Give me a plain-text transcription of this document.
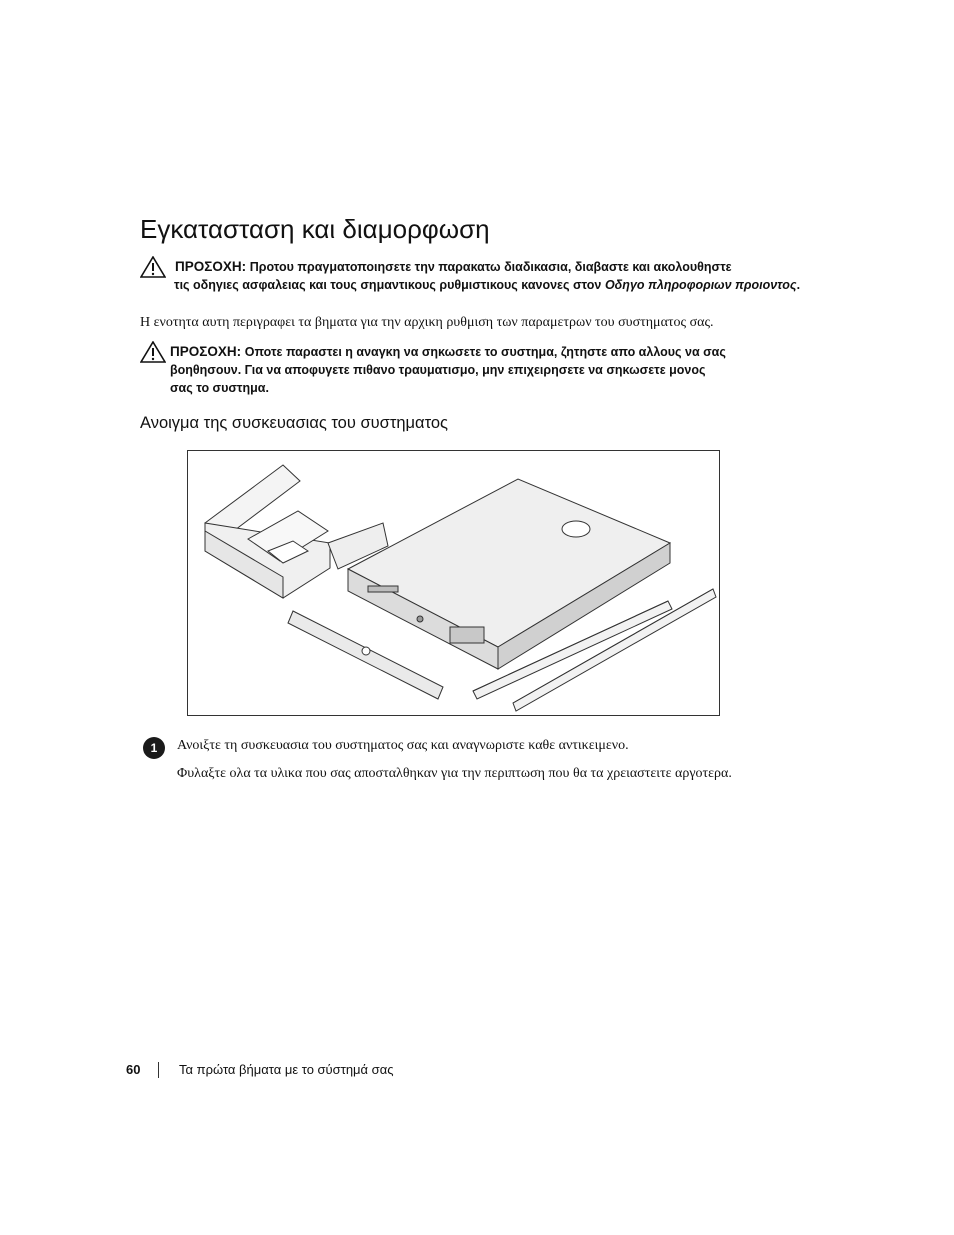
Εγκατασταση και διαμορφωση
ΠΡΟΣΟΧΗ: Προτου πραγματοποιησετε την παρακατω διαδικασια, διαβαστε και ακολουθηστε
τις οδηγιες ασφαλειας και τους σημαντικους ρυθμιστικους κανονες στον Οδηγο πληροφοριων προιοντος.
Η ενοτητα αυτη περιγραφει τα βηματα για την αρχικη ρυθμιση των παραμετρων του συστηματος σας.
ΠΡΟΣΟΧΗ: Οποτε παραστει η αναγκη να σηκωσετε το συστημα, ζητηστε απο αλλους να σας
βοηθησουν. Για να αποφυγετε πιθανο τραυματισμο, μην επιχειρησετε να σηκωσετε μονος
σας το συστημα.
Ανοιγμα της συσκευασιας του συστηματος
1	Ανοιξτε τη συσκευασια του συστηματος σας και αναγνωριστε καθε αντικειμενο.
Φυλαξτε ολα τα υλικα που σας αποσταλθηκαν για την περιπτωση που θα τα χρειαστειτε αργοτερα.
60	Τα πρώτα βήματα με το σύστημά σας
